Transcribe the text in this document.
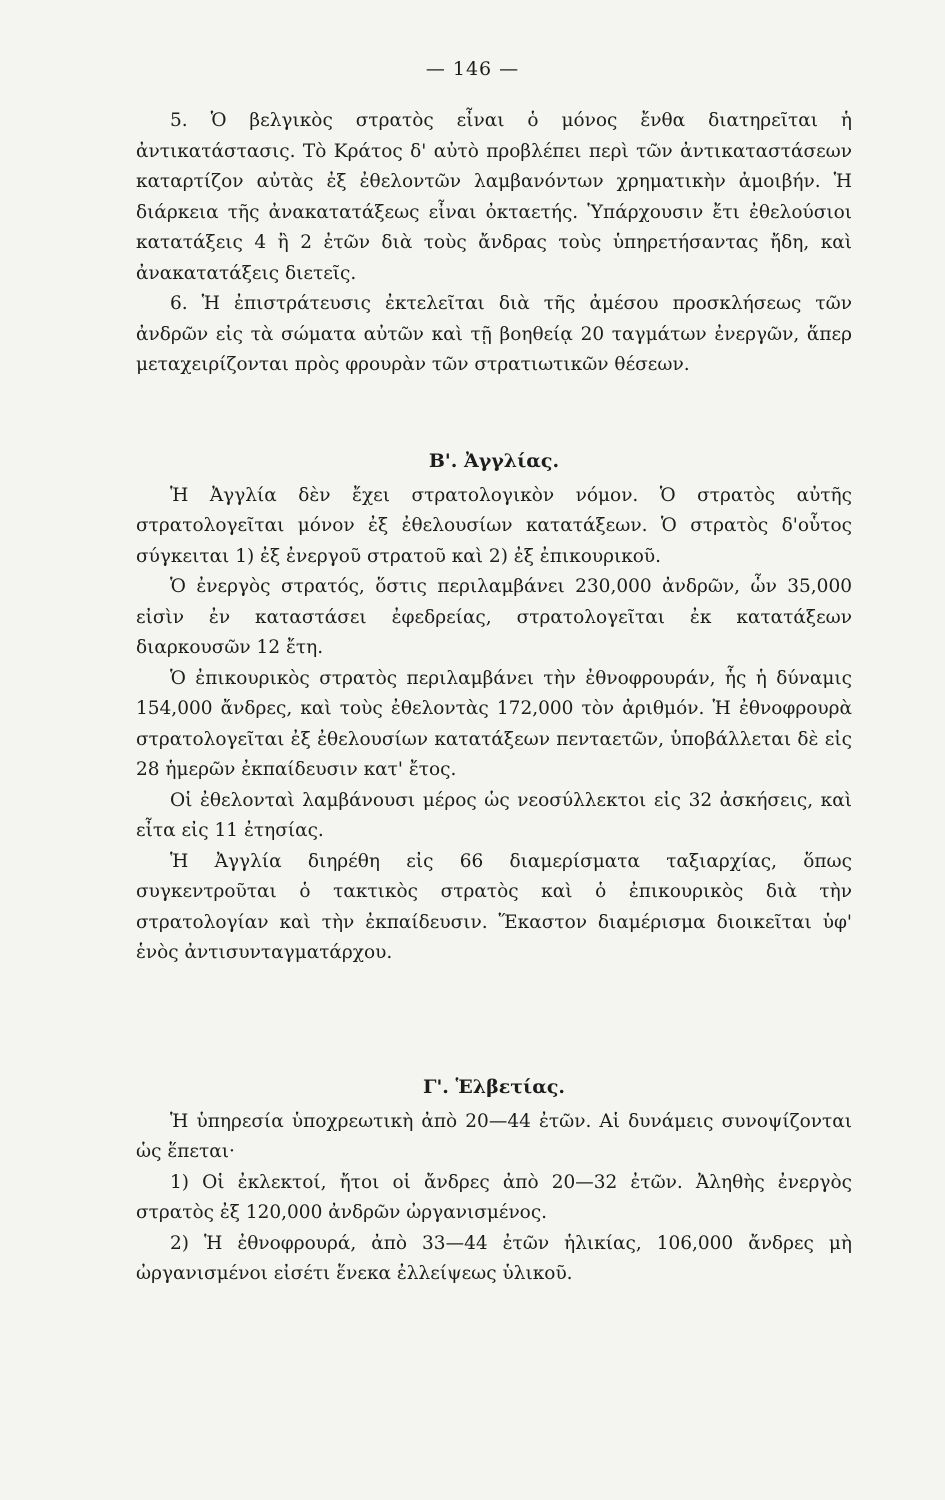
— 146 —

5. Ὁ βελγικὸς στρατὸς εἶναι ὁ μόνος ἔνθα διατηρεῖται ἡ ἀντικατάστασις. Τὸ Κράτος δ' αὐτὸ προβλέπει περὶ τῶν ἀντικαταστάσεων καταρτίζον αὐτὰς ἐξ ἐθελοντῶν λαμβανόντων χρηματικὴν ἀμοιβήν. Ἡ διάρκεια τῆς ἀνακατατάξεως εἶναι ὀκταετής. Ὑπάρχουσιν ἔτι ἐθελούσιοι κατατάξεις 4 ἢ 2 ἐτῶν διὰ τοὺς ἄνδρας τοὺς ὑπηρετήσαντας ἤδη, καὶ ἀνακατατάξεις διετεῖς.

6. Ἡ ἐπιστράτευσις ἐκτελεῖται διὰ τῆς ἀμέσου προσκλήσεως τῶν ἀνδρῶν εἰς τὰ σώματα αὐτῶν καὶ τῇ βοηθείᾳ 20 ταγμάτων ἐνεργῶν, ἅπερ μεταχειρίζονται πρὸς φρουρὰν τῶν στρατιωτικῶν θέσεων.

Β'. Ἀγγλίας.

Ἡ Ἀγγλία δὲν ἔχει στρατολογικὸν νόμον. Ὁ στρατὸς αὐτῆς στρατολογεῖται μόνον ἐξ ἐθελουσίων κατατάξεων. Ὁ στρατὸς δ'οὗτος σύγκειται 1) ἐξ ἐνεργοῦ στρατοῦ καὶ 2) ἐξ ἐπικουρικοῦ.

Ὁ ἐνεργὸς στρατός, ὅστις περιλαμβάνει 230,000 ἀνδρῶν, ὧν 35,000 εἰσὶν ἐν καταστάσει ἐφεδρείας, στρατολογεῖται ἐκ κατατάξεων διαρκουσῶν 12 ἔτη.

Ὁ ἐπικουρικὸς στρατὸς περιλαμβάνει τὴν ἐθνοφρουράν, ἧς ἡ δύναμις 154,000 ἄνδρες, καὶ τοὺς ἐθελοντὰς 172,000 τὸν ἀριθμόν. Ἡ ἐθνοφρουρὰ στρατολογεῖται ἐξ ἐθελουσίων κατατάξεων πενταετῶν, ὑποβάλλεται δὲ εἰς 28 ἡμερῶν ἐκπαίδευσιν κατ' ἔτος.

Οἱ ἐθελονταὶ λαμβάνουσι μέρος ὡς νεοσύλλεκτοι εἰς 32 ἀσκήσεις, καὶ εἶτα εἰς 11 ἐτησίας.

Ἡ Ἀγγλία διηρέθη εἰς 66 διαμερίσματα ταξιαρχίας, ὅπως συγκεντροῦται ὁ τακτικὸς στρατὸς καὶ ὁ ἐπικουρικὸς διὰ τὴν στρατολογίαν καὶ τὴν ἐκπαίδευσιν. Ἕκαστον διαμέρισμα διοικεῖται ὑφ' ἑνὸς ἀντισυνταγματάρχου.

Γ'. Ἑλβετίας.

Ἡ ὑπηρεσία ὑποχρεωτικὴ ἀπὸ 20—44 ἐτῶν. Αἱ δυνάμεις συνοψίζονται ὡς ἕπεται·

1) Οἱ ἐκλεκτοί, ἤτοι οἱ ἄνδρες ἀπὸ 20—32 ἐτῶν. Ἀληθὴς ἐνεργὸς στρατὸς ἐξ 120,000 ἀνδρῶν ὠργανισμένος.

2) Ἡ ἐθνοφρουρά, ἀπὸ 33—44 ἐτῶν ἡλικίας, 106,000 ἄνδρες μὴ ὠργανισμένοι εἰσέτι ἕνεκα ἐλλείψεως ὑλικοῦ.
